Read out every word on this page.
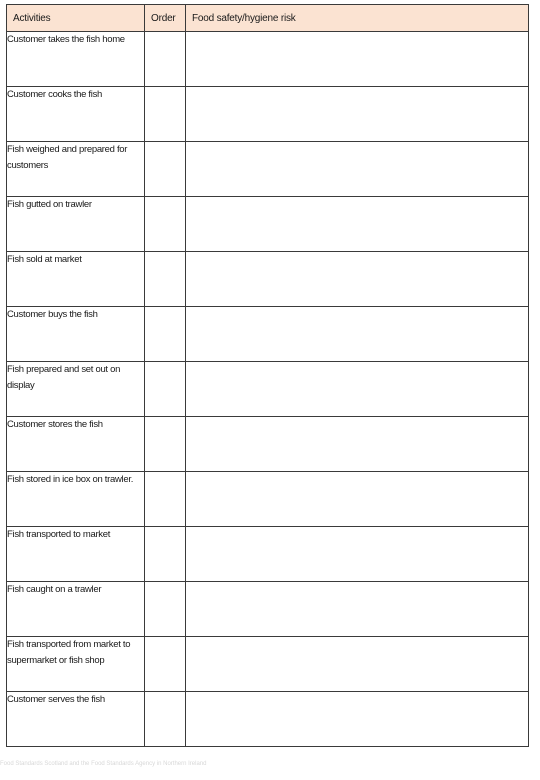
Activities	Order	Food safety/hygiene risk
Customer takes the fish home		
Customer cooks the fish		
Fish weighed and prepared for customers		
Fish gutted on trawler		
Fish sold at market		
Customer buys the fish		
Fish prepared and set out on display		
Customer stores the fish		
Fish stored in ice box on trawler.		
Fish transported to market		
Fish caught on a trawler		
Fish transported from market to supermarket or fish shop		
Customer serves the fish		
Food Standards Scotland and the Food Standards Agency in Northern Ireland
